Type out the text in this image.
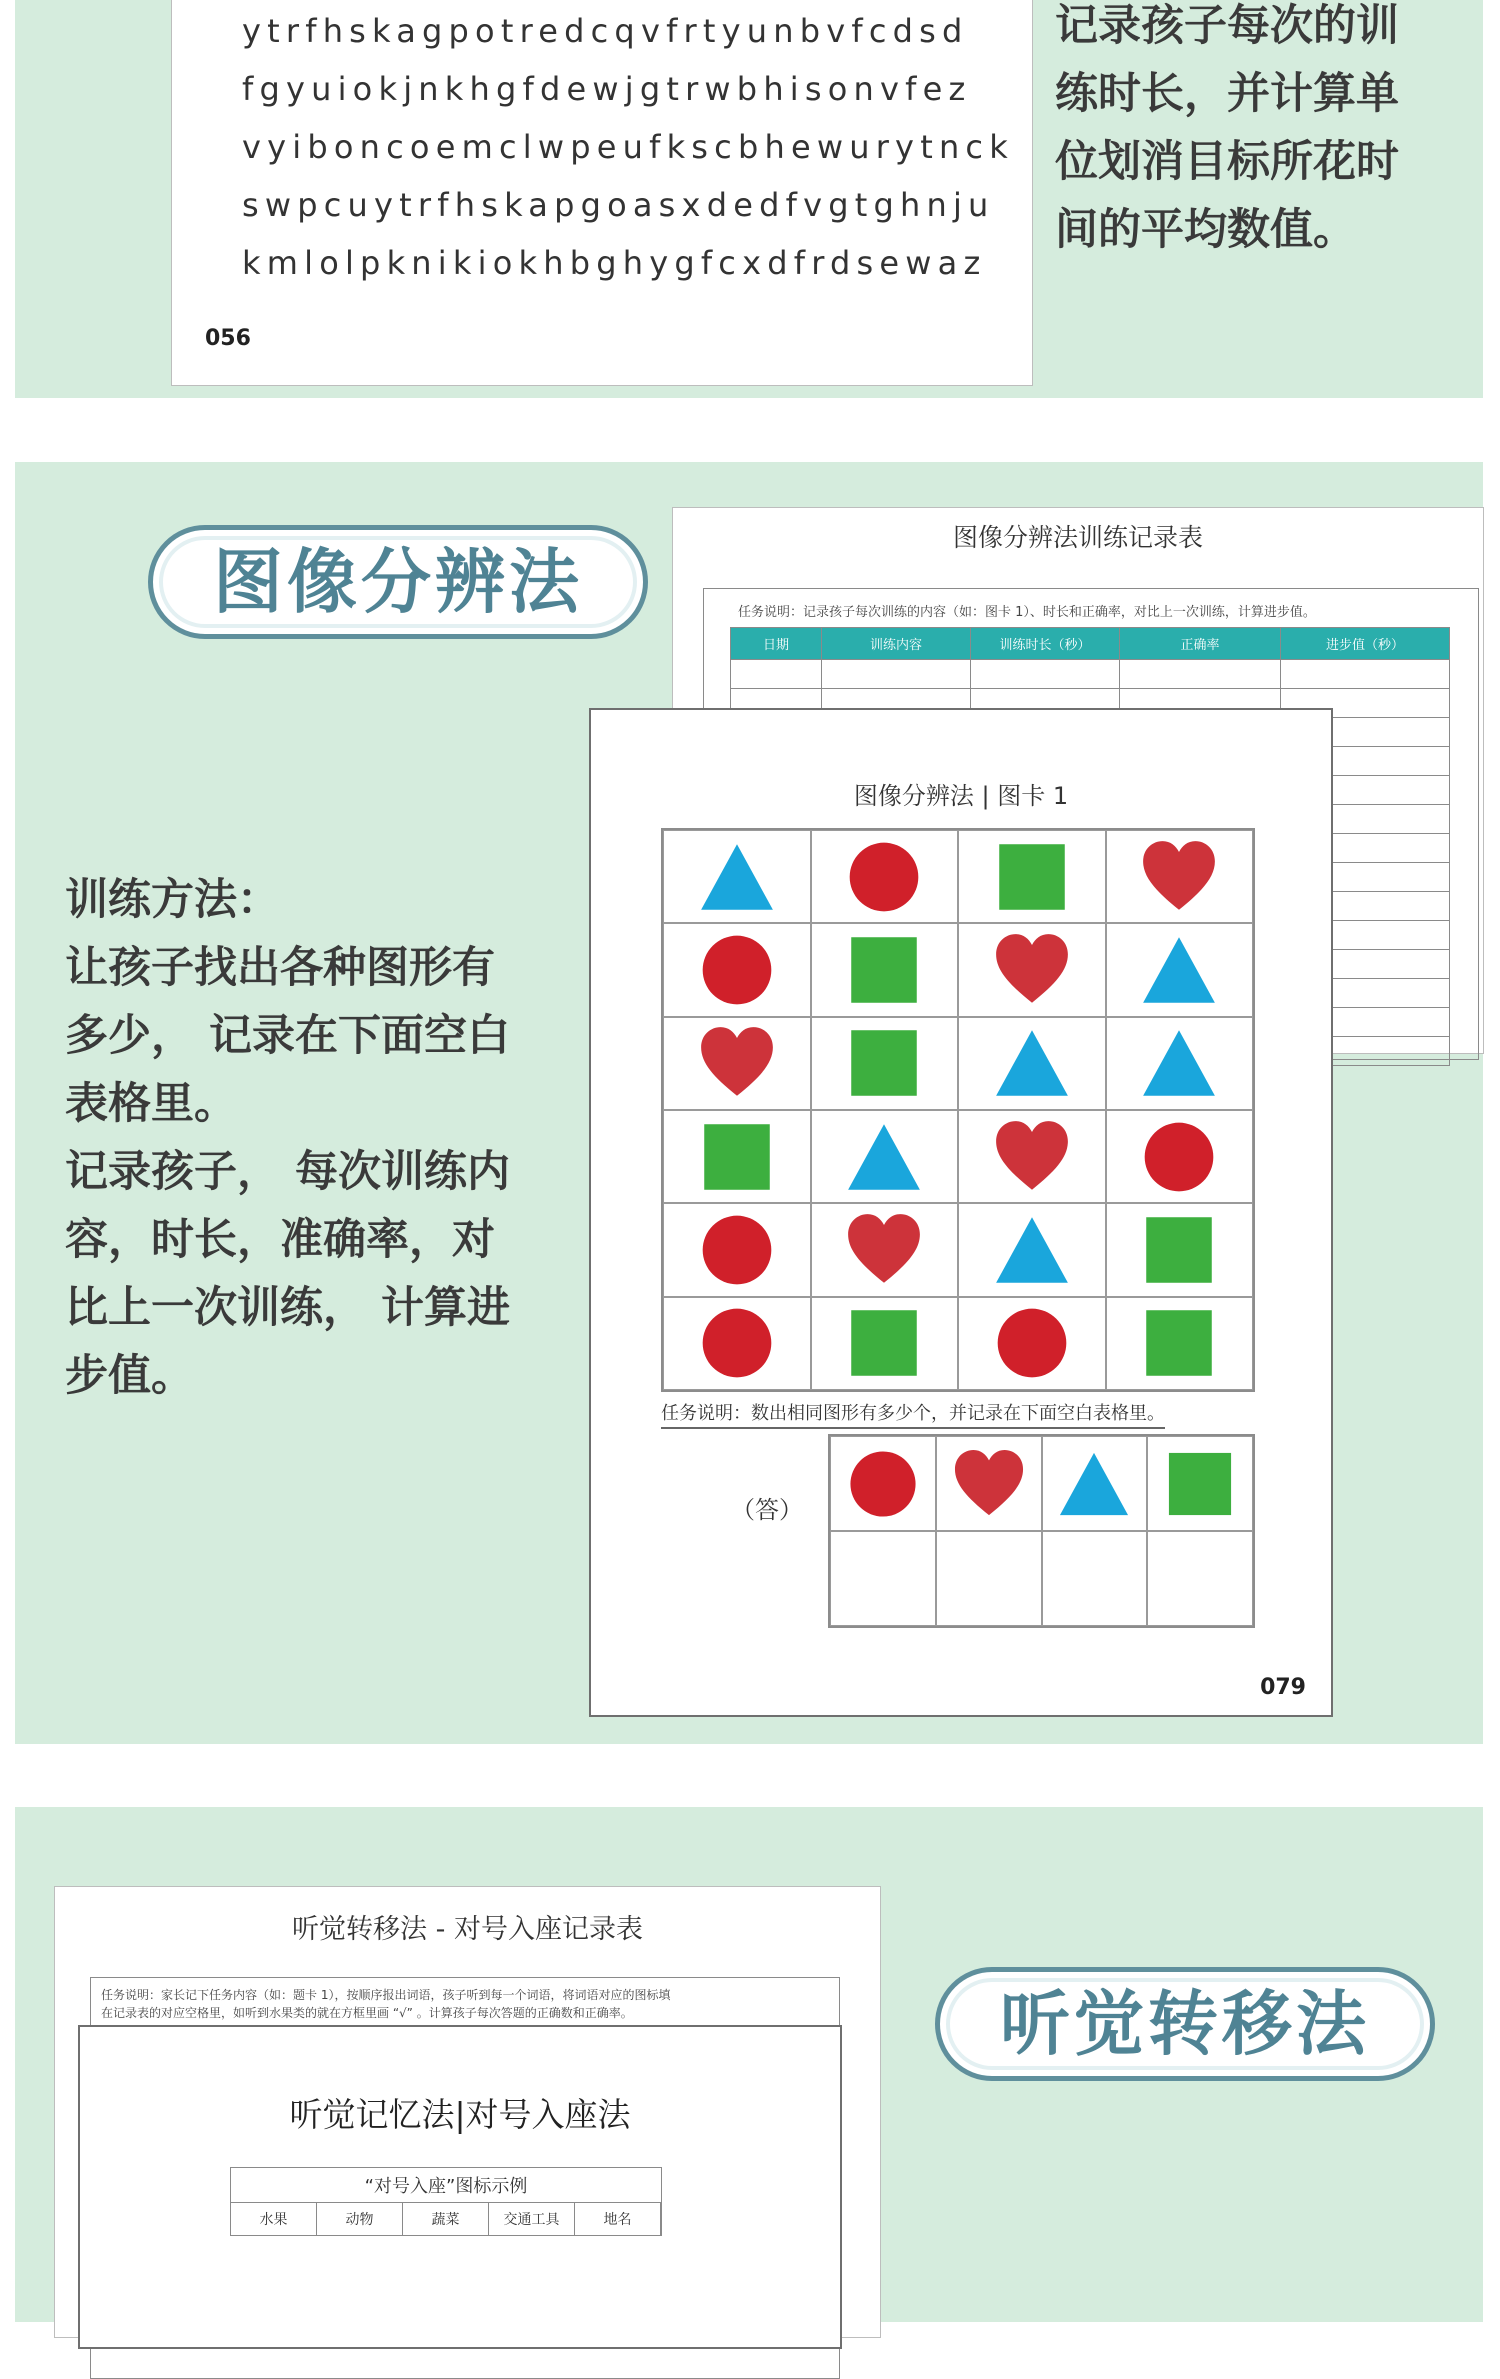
ytrfhskagpotredcqvfrtyunbvfcdsd
fgyuiokjnkhgfdewjgtrwbhisonvfez
vyiboncoemclwpeufkscbhewurytnck
swpcuytrfhskapgoasxdedfvgtghnju
kmlolpknikiokhbghygfcxdfrdsewaz
056
记录孩子每次的训
练时长，并计算单
位划消目标所花时
间的平均数值。
图像分辨法
图像分辨法训练记录表
任务说明：记录孩子每次训练的内容（如：图卡 1）、时长和正确率，对比上一次训练，计算进步值。
日期	训练内容	训练时长（秒）	正确率	进步值（秒）

训练方法：
让孩子找出各种图形有
多少， 记录在下面空白
表格里。
记录孩子， 每次训练内
容，时长，准确率，对
比上一次训练， 计算进
步值。
图像分辨法 | 图卡 1
任务说明：数出相同图形有多少个，并记录在下面空白表格里。
（答）
079
听觉转移法
听觉转移法 - 对号入座记录表
任务说明：家长记下任务内容（如：题卡 1），按顺序报出词语，孩子听到每一个词语，将词语对应的图标填
在记录表的对应空格里，如听到水果类的就在方框里画 “√” 。计算孩子每次答题的正确数和正确率。
听觉记忆法|对号入座法
“对号入座”图标示例
水果	动物	蔬菜	交通工具	地名
